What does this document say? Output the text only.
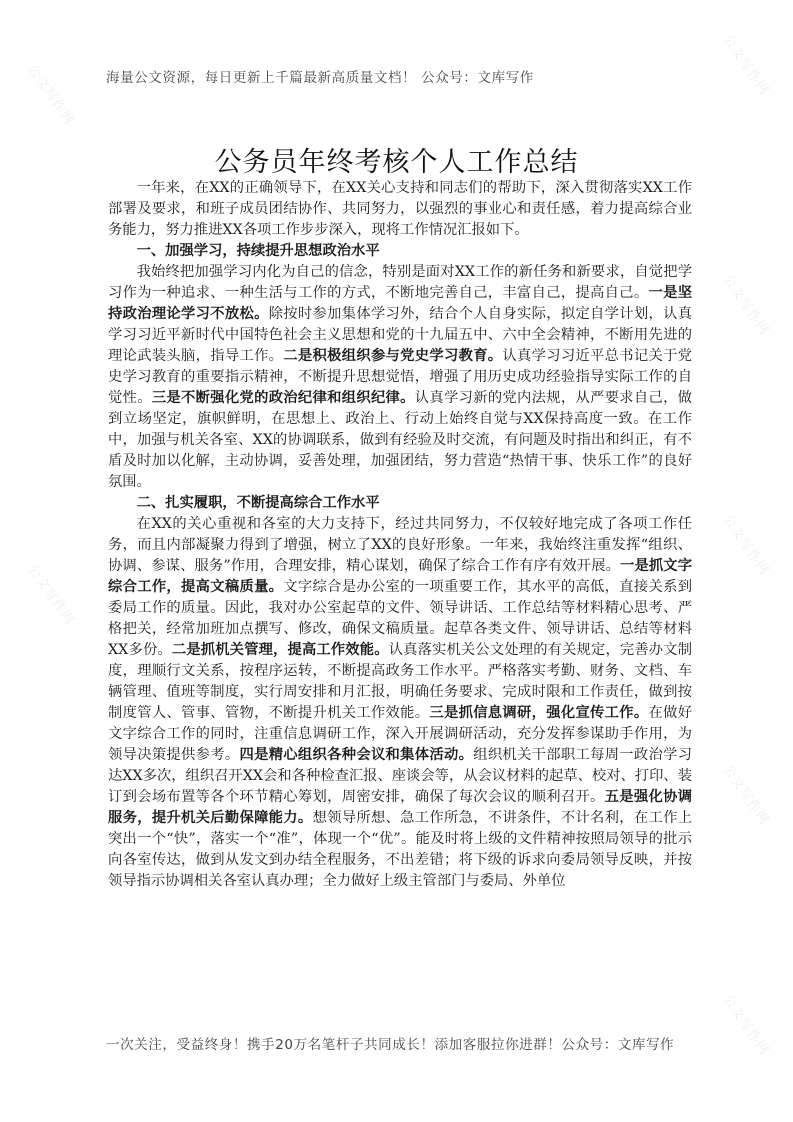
公文写作网
公文写作网
公文写作网
公文写作网
公文写作网
公文写作网
公文写作网
海量公文资源，每日更新上千篇最新高质量文档！ 公众号：文库写作
公务员年终考核个人工作总结

一年来，在XX的正确领导下，在XX关心支持和同志们的帮助下，深入贯彻落实XX工作部署及要求，和班子成员团结协作、共同努力，以强烈的事业心和责任感，着力提高综合业务能力，努力推进XX各项工作步步深入，现将工作情况汇报如下。

一、加强学习，持续提升思想政治水平

我始终把加强学习内化为自己的信念，特别是面对XX工作的新任务和新要求，自觉把学习作为一种追求、一种生活与工作的方式，不断地完善自己，丰富自己，提高自己。一是坚持政治理论学习不放松。除按时参加集体学习外，结合个人自身实际，拟定自学计划，认真学习习近平新时代中国特色社会主义思想和党的十九届五中、六中全会精神，不断用先进的理论武装头脑，指导工作。二是积极组织参与党史学习教育。认真学习习近平总书记关于党史学习教育的重要指示精神，不断提升思想觉悟，增强了用历史成功经验指导实际工作的自觉性。三是不断强化党的政治纪律和组织纪律。认真学习新的党内法规，从严要求自己，做到立场坚定，旗帜鲜明，在思想上、政治上、行动上始终自觉与XX保持高度一致。在工作中，加强与机关各室、XX的协调联系，做到有经验及时交流，有问题及时指出和纠正，有不盾及时加以化解，主动协调，妥善处理，加强团结，努力营造“热情干事、快乐工作”的良好氛围。

二、扎实履职，不断提高综合工作水平

在XX的关心重视和各室的大力支持下，经过共同努力，不仅较好地完成了各项工作任务，而且内部凝聚力得到了增强，树立了XX的良好形象。一年来，我始终注重发挥“组织、协调、参谋、服务”作用，合理安排，精心谋划，确保了综合工作有序有效开展。一是抓文字综合工作，提高文稿质量。文字综合是办公室的一项重要工作，其水平的高低，直接关系到委局工作的质量。因此，我对办公室起草的文件、领导讲话、工作总结等材料精心思考、严格把关，经常加班加点撰写、修改，确保文稿质量。起草各类文件、领导讲话、总结等材料XX多份。二是抓机关管理，提高工作效能。认真落实机关公文处理的有关规定，完善办文制度，理顺行文关系，按程序运转，不断提高政务工作水平。严格落实考勤、财务、文档、车辆管理、值班等制度，实行周安排和月汇报，明确任务要求、完成时限和工作责任，做到按制度管人、管事、管物，不断提升机关工作效能。三是抓信息调研，强化宣传工作。在做好文字综合工作的同时，注重信息调研工作，深入开展调研活动，充分发挥参谋助手作用，为领导决策提供参考。四是精心组织各种会议和集体活动。组织机关干部职工每周一政治学习达XX多次，组织召开XX会和各种检查汇报、座谈会等，从会议材料的起草、校对、打印、装订到会场布置等各个环节精心筹划，周密安排，确保了每次会议的顺利召开。五是强化协调服务，提升机关后勤保障能力。想领导所想、急工作所急，不讲条件，不计名利，在工作上突出一个“快”，落实一个“准”，体现一个“优”。能及时将上级的文件精神按照局领导的批示向各室传达，做到从发文到办结全程服务，不出差错；将下级的诉求向委局领导反映，并按领导指示协调相关各室认真办理；全力做好上级主管部门与委局、外单位

一次关注，受益终身！携手20万名笔杆子共同成长！添加客服拉你进群！公众号：文库写作
